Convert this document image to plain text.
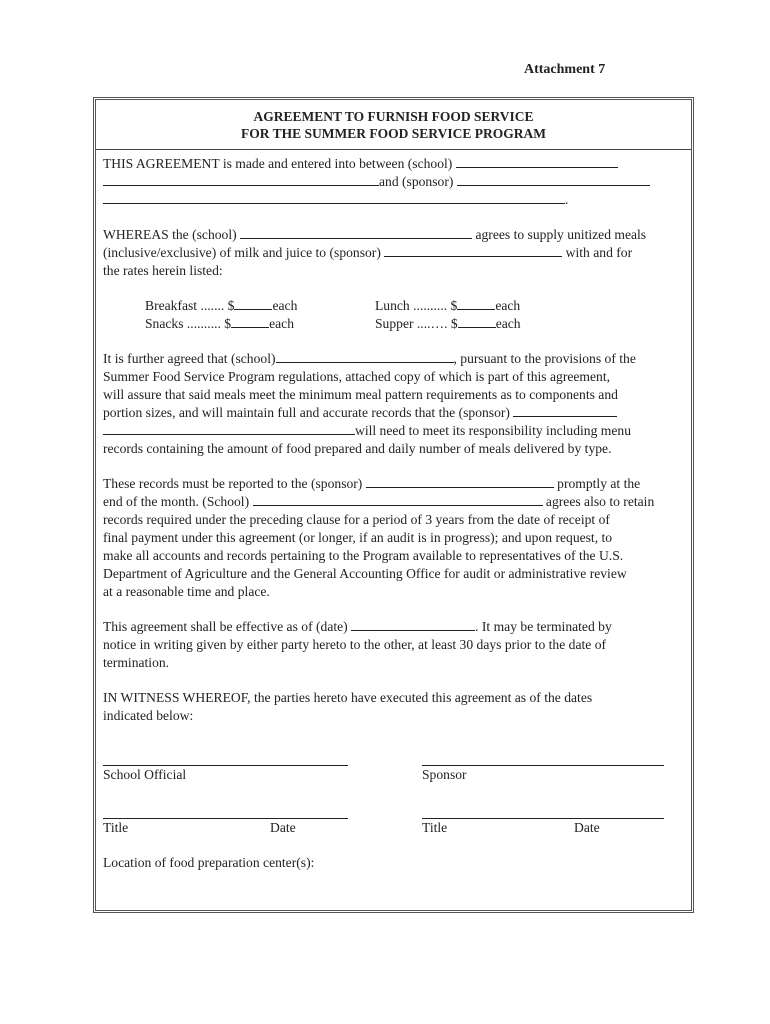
Attachment 7
AGREEMENT TO FURNISH FOOD SERVICE
FOR THE SUMMER FOOD SERVICE PROGRAM

THIS AGREEMENT is made and entered into between (school)

and (sponsor)

.

WHEREAS the (school)	agrees to supply unitized meals

(inclusive/exclusive) of milk and juice to (sponsor)	with and for

the rates herein listed:

Breakfast ....... $	each	Lunch .......... $	each
Snacks .......... $	each	Supper ....…. $	each

It is further agreed that (school)	, pursuant to the provisions of the

Summer Food Service Program regulations, attached copy of which is part of this agreement,

will assure that said meals meet the minimum meal pattern requirements as to components and

portion sizes, and will maintain full and accurate records that the (sponsor)

will need to meet its responsibility including menu

records containing the amount of food prepared and daily number of meals delivered by type.

These records must be reported to the (sponsor)	promptly at the

end of the month. (School)	agrees also to retain

records required under the preceding clause for a period of 3 years from the date of receipt of

final payment under this agreement (or longer, if an audit is in progress); and upon request, to

make all accounts and records pertaining to the Program available to representatives of the U.S.

Department of Agriculture and the General Accounting Office for audit or administrative review

at a reasonable time and place.

This agreement shall be effective as of (date)	. It may be terminated by

notice in writing given by either party hereto to the other, at least 30 days prior to the date of

termination.

IN WITNESS WHEREOF, the parties hereto have executed this agreement as of the dates

indicated below:

School Official	Sponsor
Title	Date	Title	Date
Location of food preparation center(s):
